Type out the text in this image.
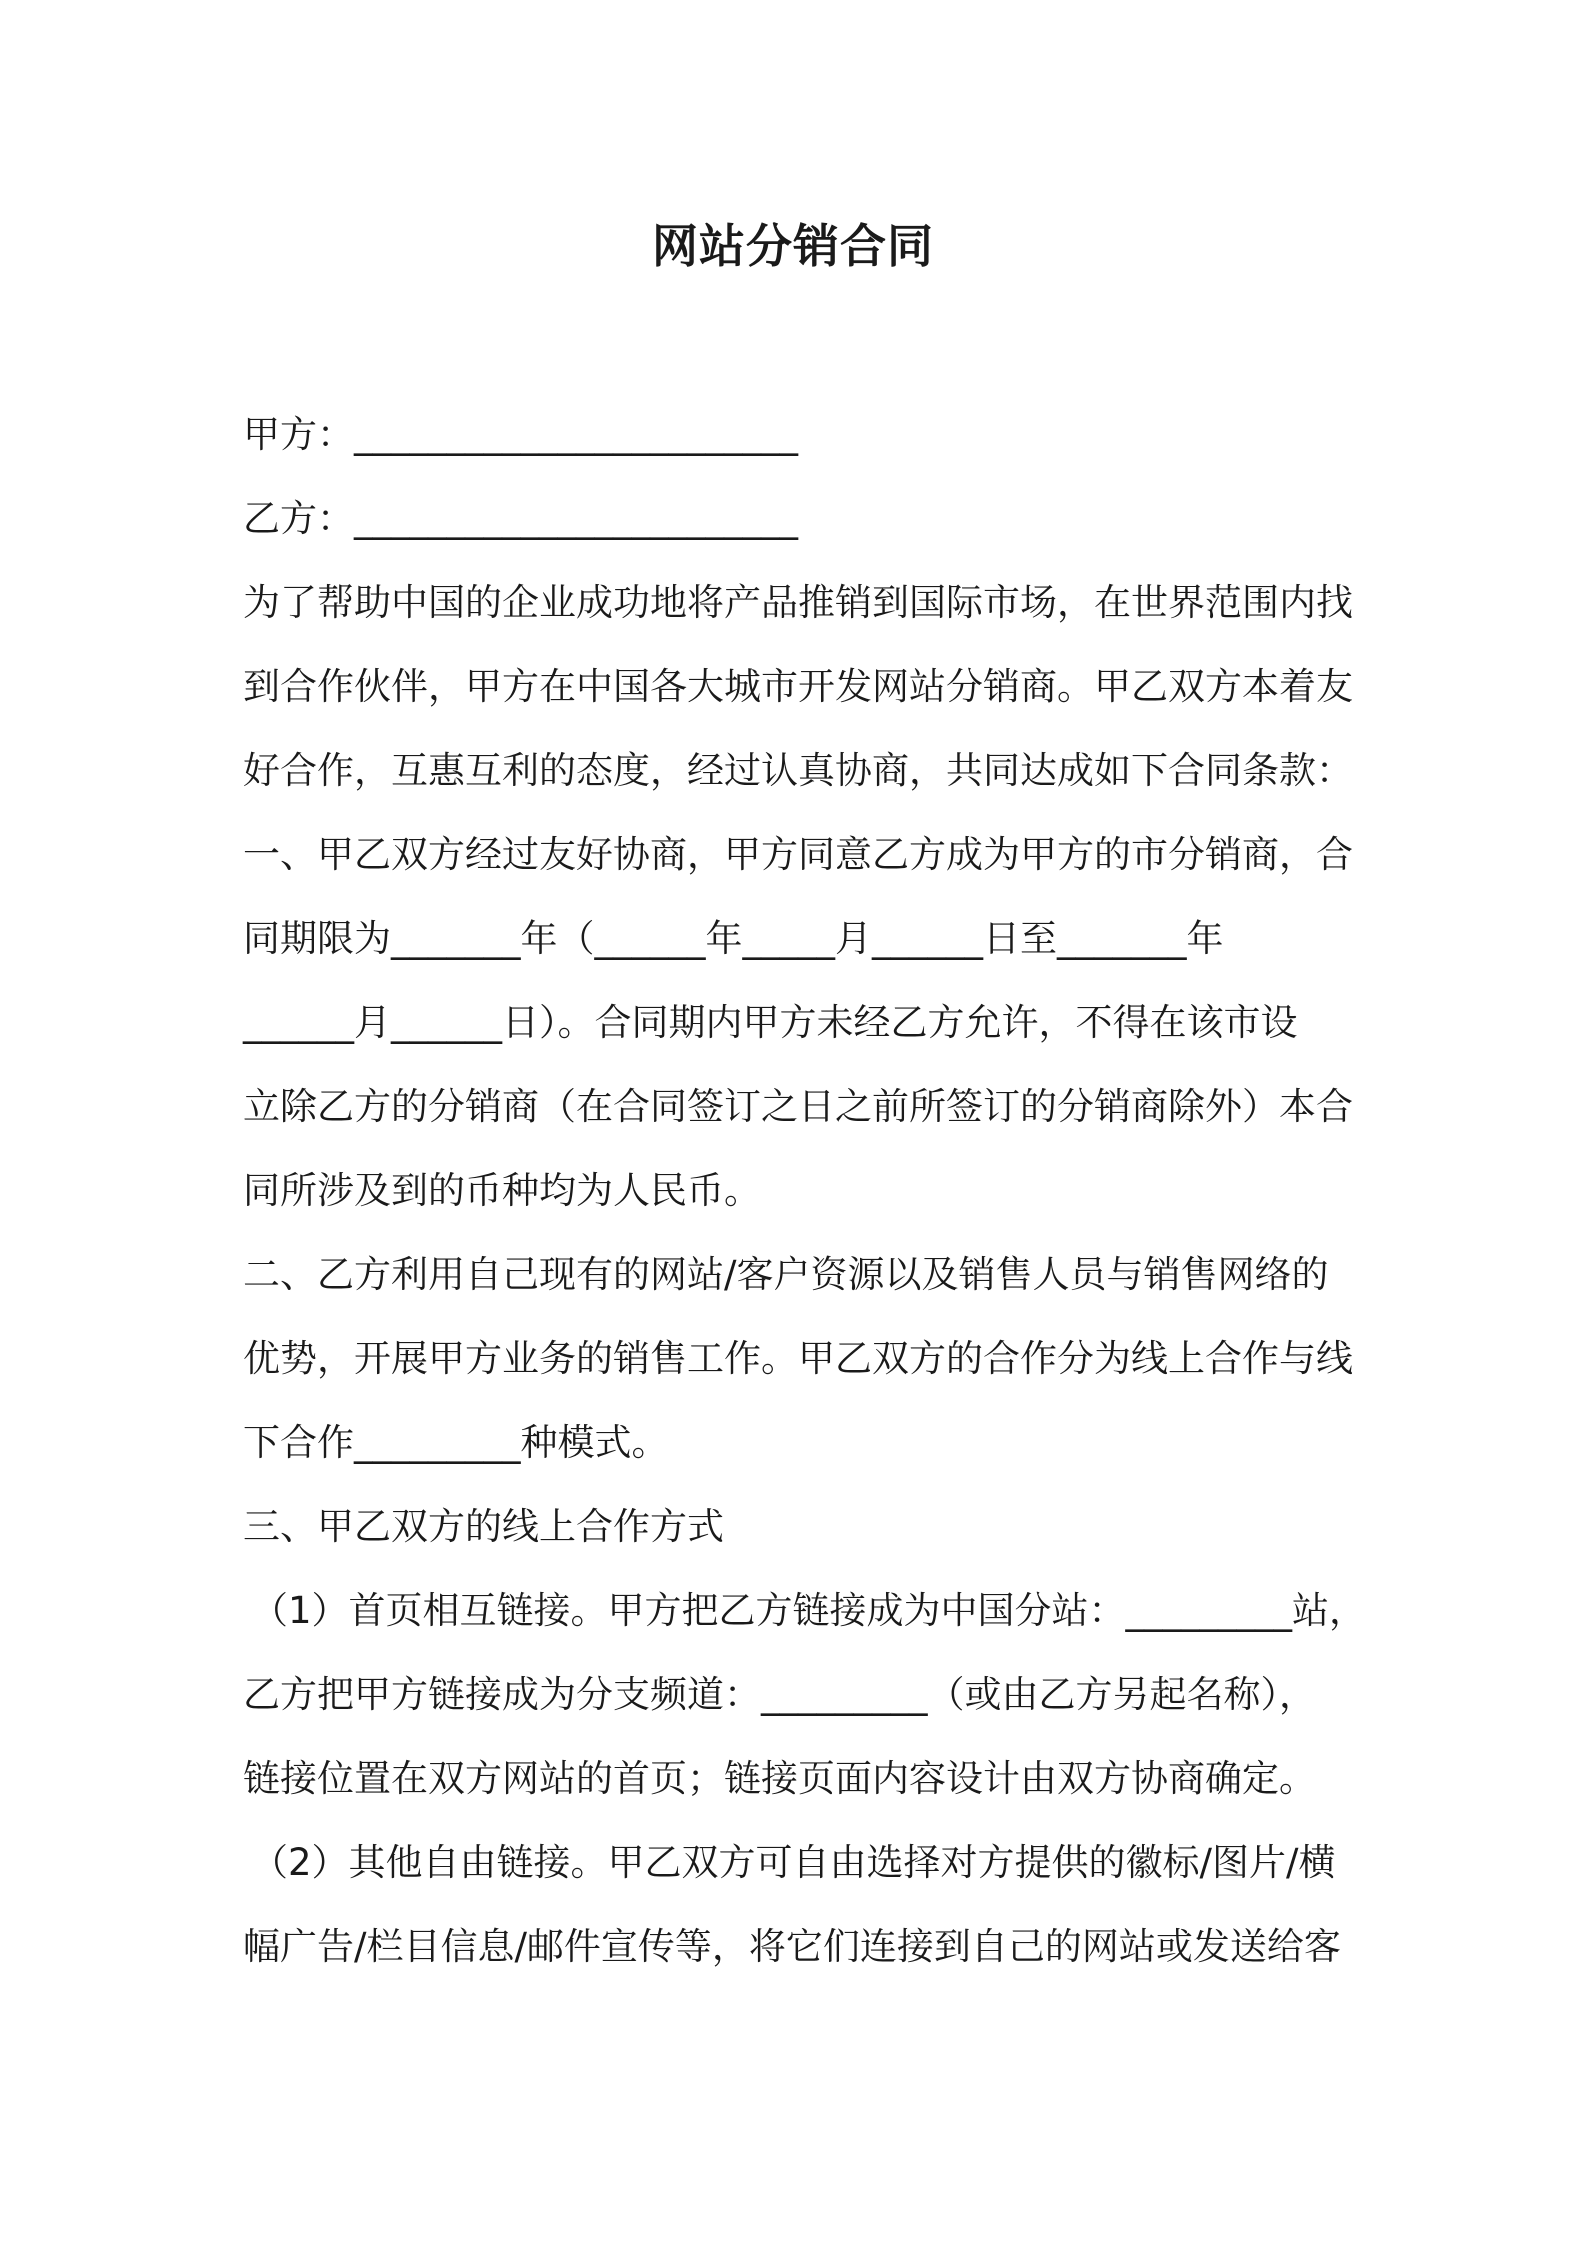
网站分销合同
甲方：________________________
乙方：________________________
为了帮助中国的企业成功地将产品推销到国际市场，在世界范围内找
到合作伙伴，甲方在中国各大城市开发网站分销商。甲乙双方本着友
好合作，互惠互利的态度，经过认真协商，共同达成如下合同条款：
一、甲乙双方经过友好协商，甲方同意乙方成为甲方的市分销商，合
同期限为_______年（______年_____月______日至_______年
______月______日）。合同期内甲方未经乙方允许，不得在该市设
立除乙方的分销商（在合同签订之日之前所签订的分销商除外）本合
同所涉及到的币种均为人民币。
二、乙方利用自己现有的网站/客户资源以及销售人员与销售网络的
优势，开展甲方业务的销售工作。甲乙双方的合作分为线上合作与线
下合作_________种模式。
三、甲乙双方的线上合作方式
（1）首页相互链接。甲方把乙方链接成为中国分站：_________站，
乙方把甲方链接成为分支频道：_________（或由乙方另起名称），
链接位置在双方网站的首页；链接页面内容设计由双方协商确定。
（2）其他自由链接。甲乙双方可自由选择对方提供的徽标/图片/横
幅广告/栏目信息/邮件宣传等，将它们连接到自己的网站或发送给客
